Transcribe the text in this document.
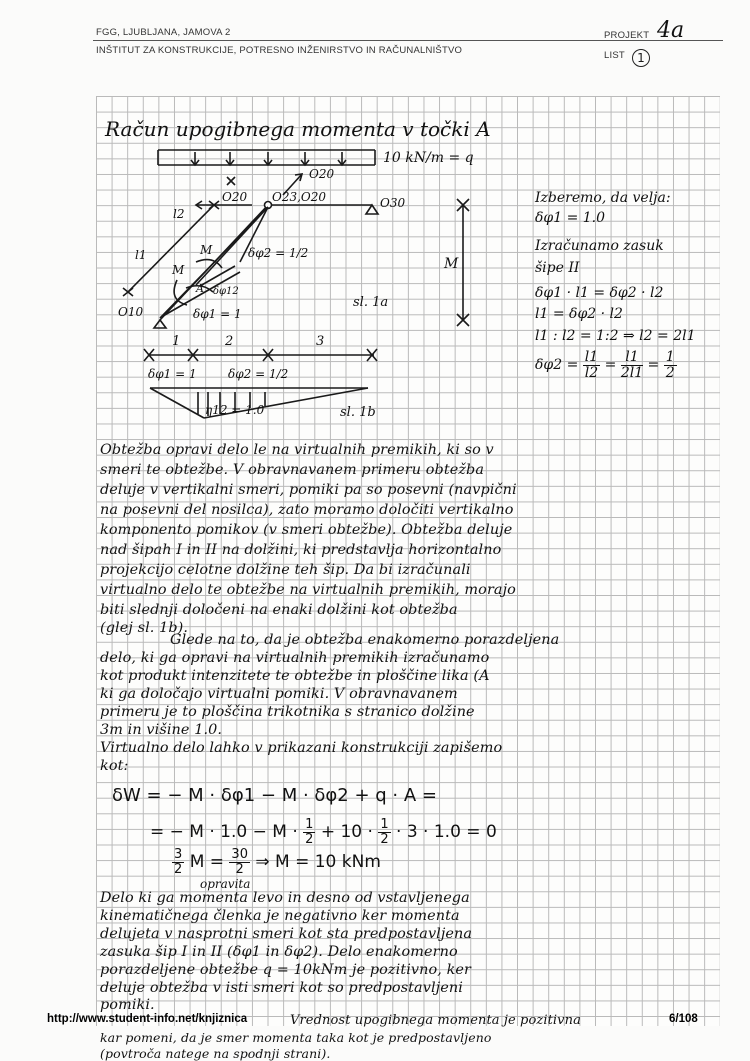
FGG, LJUBLJANA, JAMOVA 2
INŠTITUT ZA KONSTRUKCIJE, POTRESNO INŽENIRSTVO IN RAČUNALNIŠTVO
PROJEKT 4a
LIST	1
Račun upogibnega momenta v točki A
10 kN/m = q
O20
O20 O23,O20	O30
O10
l2
l1
M
M
A
δφ2 = 1/2
δφ1 = 1
δφ12
M
sl. 1a
1	2	3
δφ1 = 1	δφ2 = 1/2
η12 = 1.0	sl. 1b
Izberemo, da velja:
δφ1 = 1.0
Izračunamo zasuk
šipe II
δφ1 · l1 = δφ2 · l2
l1 = δφ2 · l2
l1 : l2 = 1:2 ⇒ l2 = 2l1
$\delta\varphi 2 = \frac{l1}{l2} = \frac{l1}{2l1} = \frac{1}{2}$
Obtežba opravi delo le na virtualnih premikih, ki so v
smeri te obtežbe. V obravnavanem primeru obtežba
deluje v vertikalni smeri, pomiki pa so posevni (navpični
na posevni del nosilca), zato moramo določiti vertikalno
komponento pomikov (v smeri obtežbe). Obtežba deluje
nad šipah I in II na dolžini, ki predstavlja horizontalno
projekcijo celotne dolžine teh šip. Da bi izračunali
virtualno delo te obtežbe na virtualnih premikih, morajo
biti slednji določeni na enaki dolžini kot obtežba
(glej sl. 1b).
Glede na to, da je obtežba enakomerno porazdeljena
delo, ki ga opravi na virtualnih premikih izračunamo
kot produkt intenzitete te obtežbe in ploščine lika (A
ki ga določajo virtualni pomiki. V obravnavanem
primeru je to ploščina trikotnika s stranico dolžine
3m in višine 1.0.
Virtualno delo lahko v prikazani konstrukciji zapišemo
kot:
δW = − M · δφ1 − M · δφ2 + q · A =
= − $M \cdot 1.0 - M \cdot \frac{1}{2} + 10 \cdot \frac{1}{2} \cdot 3 \cdot 1.0 = 0$
$\frac{3}{2}$ $M = \frac{30}{2}$ ⇒ M = 10 kNm
opravita
Delo ki ga momenta levo in desno od vstavljenega
kinematičnega členka je negativno ker momenta
delujeta v nasprotni smeri kot sta predpostavljena
zasuka šip I in II (δφ1 in δφ2). Delo enakomerno
porazdeljene obtežbe q = 10kNm je pozitivno, ker
deluje obtežba v isti smeri kot so predpostavljeni
pomiki.
Vrednost upogibnega momenta je pozitivna
kar pomeni, da je smer momenta taka kot je predpostavljeno
(povtroča natege na spodnji strani).
http://www.student-info.net/knjiznica	6/108
